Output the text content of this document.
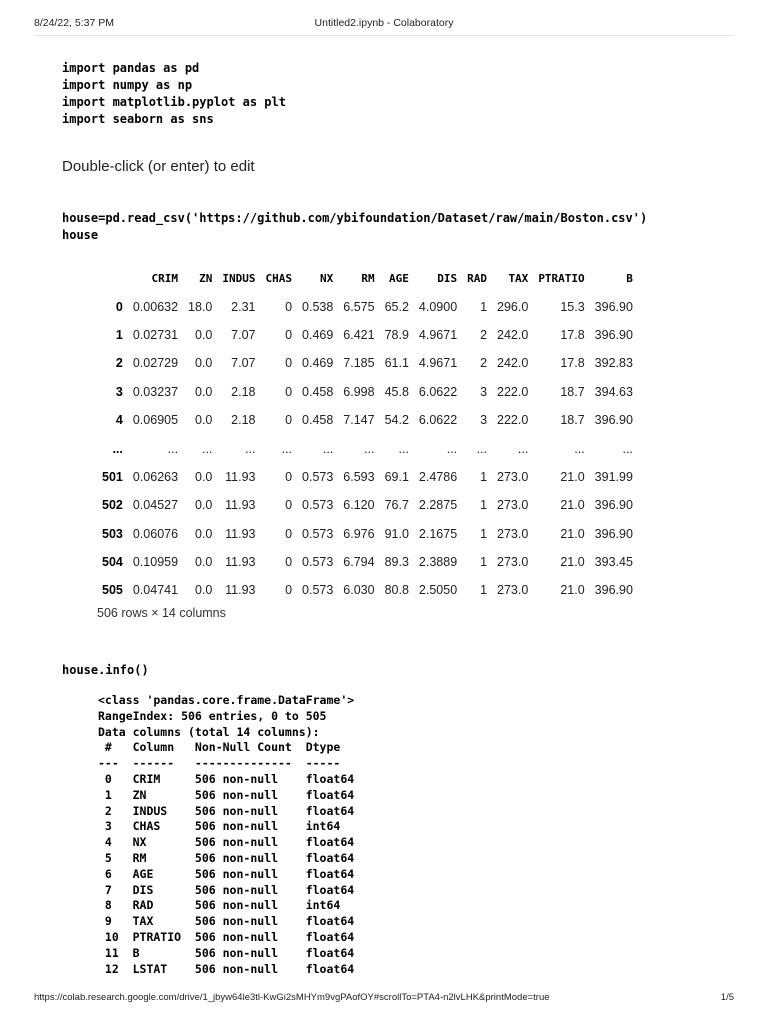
8/24/22, 5:37 PM	Untitled2.ipynb - Colaboratory
import pandas as pd
import numpy as np
import matplotlib.pyplot as plt
import seaborn as sns
Double-click (or enter) to edit
house=pd.read_csv('https://github.com/ybifoundation/Dataset/raw/main/Boston.csv')
house
	CRIM	ZN	INDUS	CHAS	NX	RM	AGE	DIS	RAD	TAX	PTRATIO	B
0	0.00632	18.0	2.31	0	0.538	6.575	65.2	4.0900	1	296.0	15.3	396.90
1	0.02731	0.0	7.07	0	0.469	6.421	78.9	4.9671	2	242.0	17.8	396.90
2	0.02729	0.0	7.07	0	0.469	7.185	61.1	4.9671	2	242.0	17.8	392.83
3	0.03237	0.0	2.18	0	0.458	6.998	45.8	6.0622	3	222.0	18.7	394.63
4	0.06905	0.0	2.18	0	0.458	7.147	54.2	6.0622	3	222.0	18.7	396.90
...	...	...	...	...	...	...	...	...	...	...	...	...
501	0.06263	0.0	11.93	0	0.573	6.593	69.1	2.4786	1	273.0	21.0	391.99
502	0.04527	0.0	11.93	0	0.573	6.120	76.7	2.2875	1	273.0	21.0	396.90
503	0.06076	0.0	11.93	0	0.573	6.976	91.0	2.1675	1	273.0	21.0	396.90
504	0.10959	0.0	11.93	0	0.573	6.794	89.3	2.3889	1	273.0	21.0	393.45
505	0.04741	0.0	11.93	0	0.573	6.030	80.8	2.5050	1	273.0	21.0	396.90
506 rows × 14 columns
house.info()
<class 'pandas.core.frame.DataFrame'>
RangeIndex: 506 entries, 0 to 505
Data columns (total 14 columns):
#   Column   Non-Null Count  Dtype
---  ------   --------------  -----
0   CRIM     506 non-null    float64
1   ZN       506 non-null    float64
2   INDUS    506 non-null    float64
3   CHAS     506 non-null    int64
4   NX       506 non-null    float64
5   RM       506 non-null    float64
6   AGE      506 non-null    float64
7   DIS      506 non-null    float64
8   RAD      506 non-null    int64
9   TAX      506 non-null    float64
10  PTRATIO  506 non-null    float64
11  B        506 non-null    float64
12  LSTAT    506 non-null    float64
https://colab.research.google.com/drive/1_jbyw64le3tl-KwGi2sMHYm9vgPAofOY#scrollTo=PTA4-n2lvLHK&printMode=true	1/5
